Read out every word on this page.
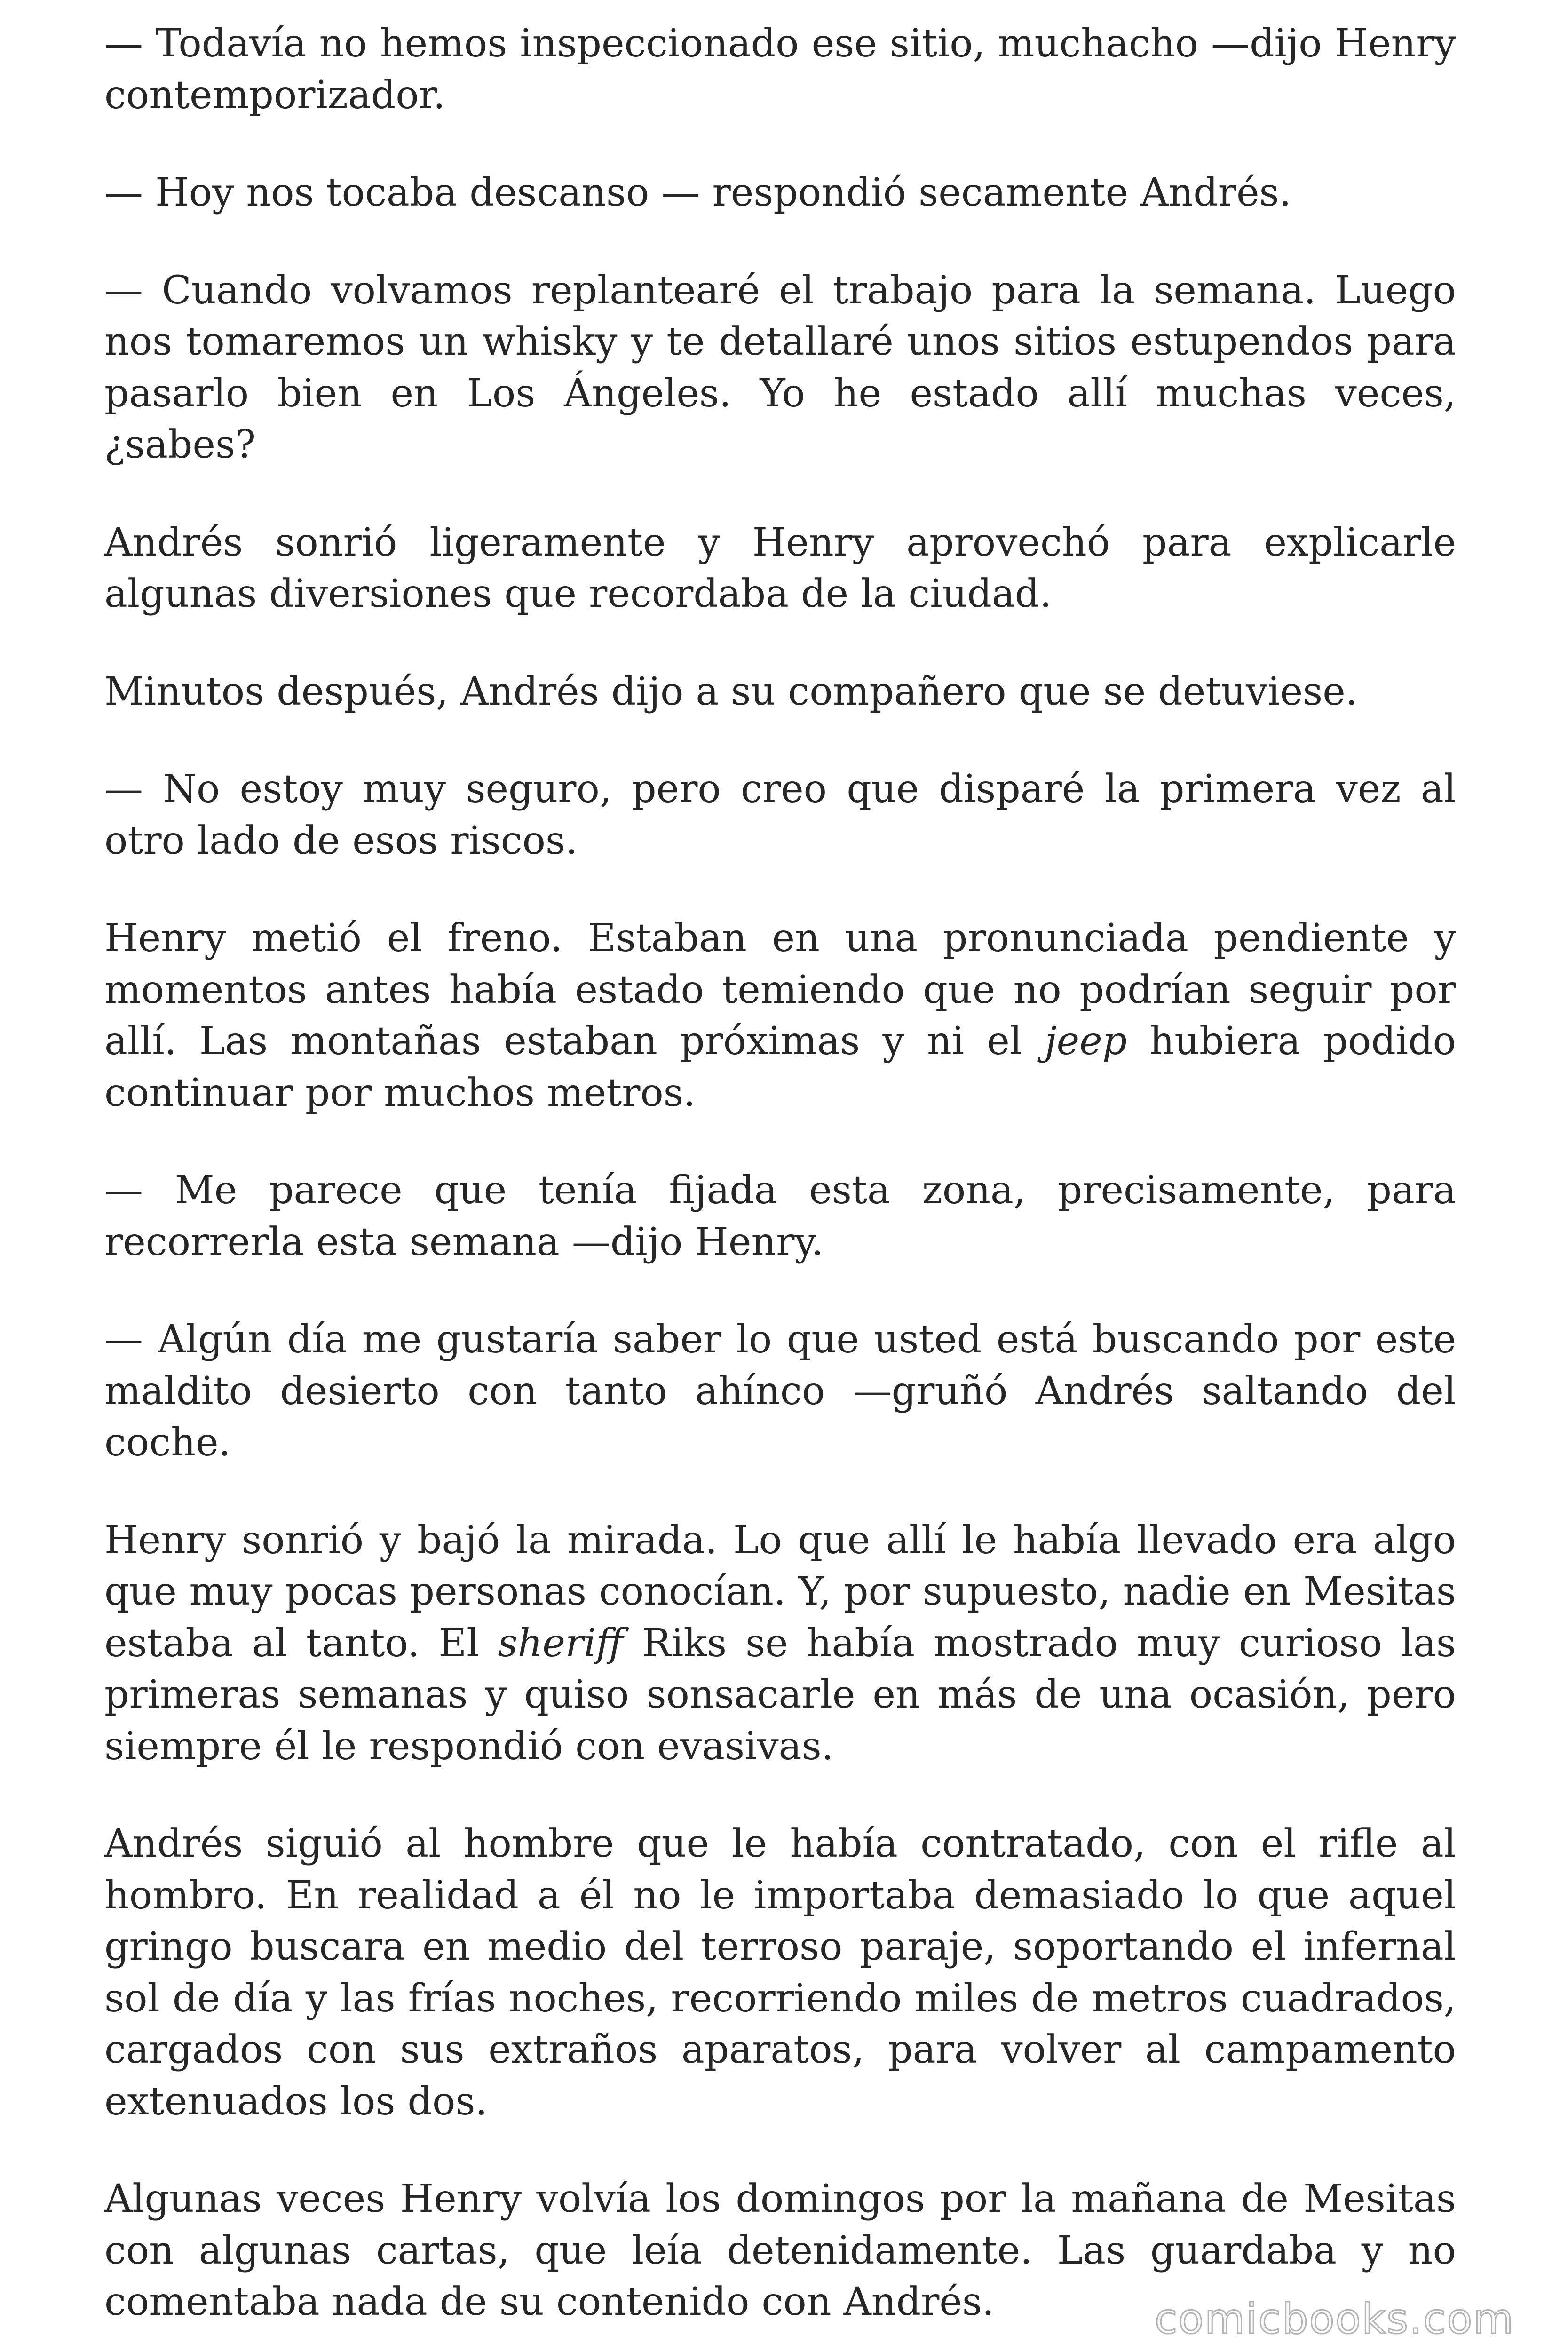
— Todavía no hemos inspeccionado ese sitio, muchacho —dijo Henry contemporizador.

— Hoy nos tocaba descanso — respondió secamente Andrés.

— Cuando volvamos replantearé el trabajo para la semana. Luego nos tomaremos un whisky y te detallaré unos sitios estupendos para pasarlo bien en Los Ángeles. Yo he estado allí muchas veces, ¿sabes?

Andrés sonrió ligeramente y Henry aprovechó para explicarle algunas diversiones que recordaba de la ciudad.

Minutos después, Andrés dijo a su compañero que se detuviese.

— No estoy muy seguro, pero creo que disparé la primera vez al otro lado de esos riscos.

Henry metió el freno. Estaban en una pronunciada pendiente y momentos antes había estado temiendo que no podrían seguir por allí. Las montañas estaban próximas y ni el jeep hubiera podido continuar por muchos metros.

— Me parece que tenía fijada esta zona, precisamente, para recorrerla esta semana —dijo Henry.

— Algún día me gustaría saber lo que usted está buscando por este maldito desierto con tanto ahínco —gruñó Andrés saltando del coche.

Henry sonrió y bajó la mirada. Lo que allí le había llevado era algo que muy pocas personas conocían. Y, por supuesto, nadie en Mesitas estaba al tanto. El sheriff Riks se había mostrado muy curioso las primeras semanas y quiso sonsacarle en más de una ocasión, pero siempre él le respondió con evasivas.

Andrés siguió al hombre que le había contratado, con el rifle al hombro. En realidad a él no le importaba demasiado lo que aquel gringo buscara en medio del terroso paraje, soportando el infernal sol de día y las frías noches, recorriendo miles de metros cuadrados, cargados con sus extraños aparatos, para volver al campamento extenuados los dos.

Algunas veces Henry volvía los domingos por la mañana de Mesitas con algunas cartas, que leía detenidamente. Las guardaba y no comentaba nada de su contenido con Andrés.	comicbooks.com
